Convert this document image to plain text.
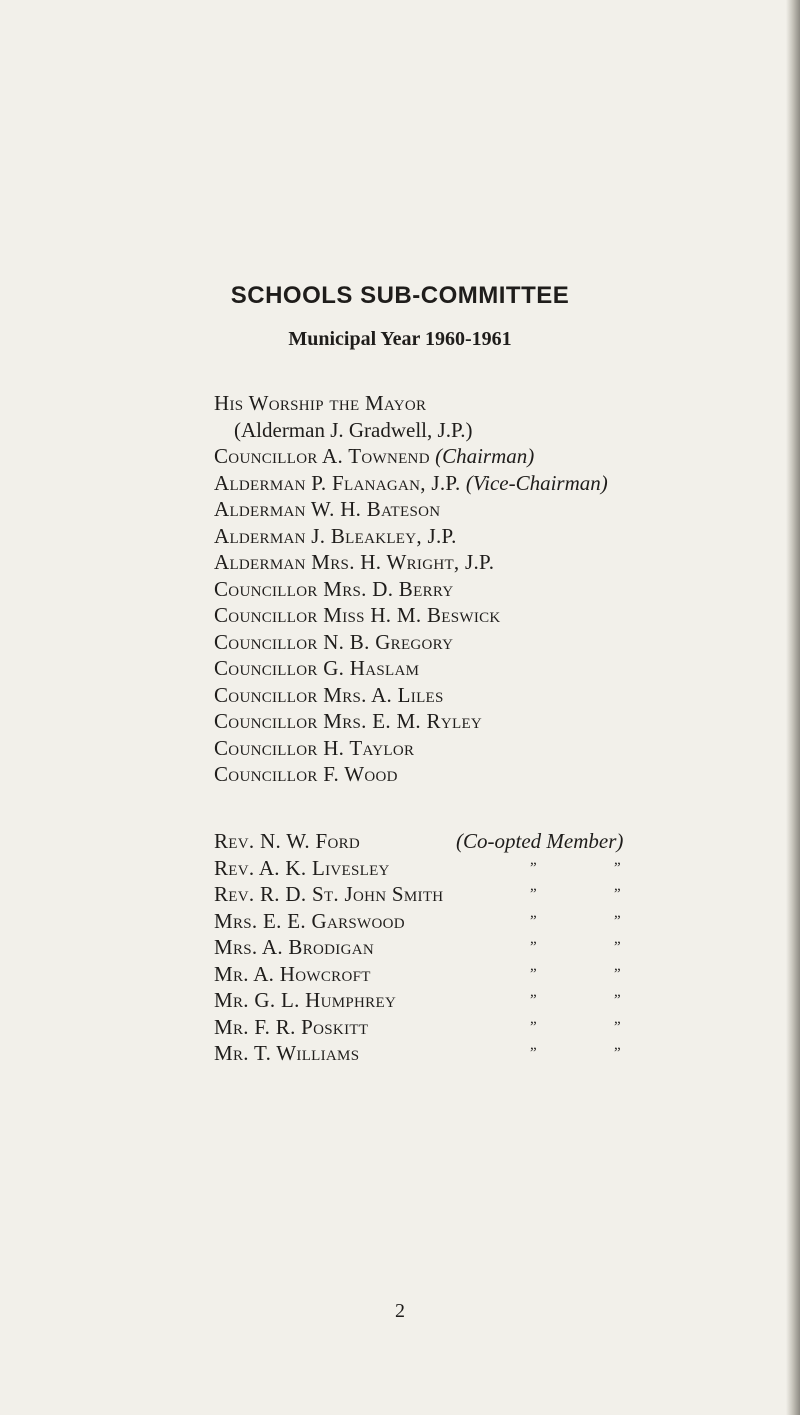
SCHOOLS SUB-COMMITTEE
Municipal Year 1960-1961
His Worship the Mayor
(Alderman J. Gradwell, J.P.)
Councillor A. Townend (Chairman)
Alderman P. Flanagan, J.P. (Vice-Chairman)
Alderman W. H. Bateson
Alderman J. Bleakley, J.P.
Alderman Mrs. H. Wright, J.P.
Councillor Mrs. D. Berry
Councillor Miss H. M. Beswick
Councillor N. B. Gregory
Councillor G. Haslam
Councillor Mrs. A. Liles
Councillor Mrs. E. M. Ryley
Councillor H. Taylor
Councillor F. Wood
Rev. N. W. Ford	(Co-opted Member)
Rev. A. K. Livesley	”	”
Rev. R. D. St. John Smith	”	”
Mrs. E. E. Garswood	”	”
Mrs. A. Brodigan	”	”
Mr. A. Howcroft	”	”
Mr. G. L. Humphrey	”	”
Mr. F. R. Poskitt	”	”
Mr. T. Williams	”	”

2
